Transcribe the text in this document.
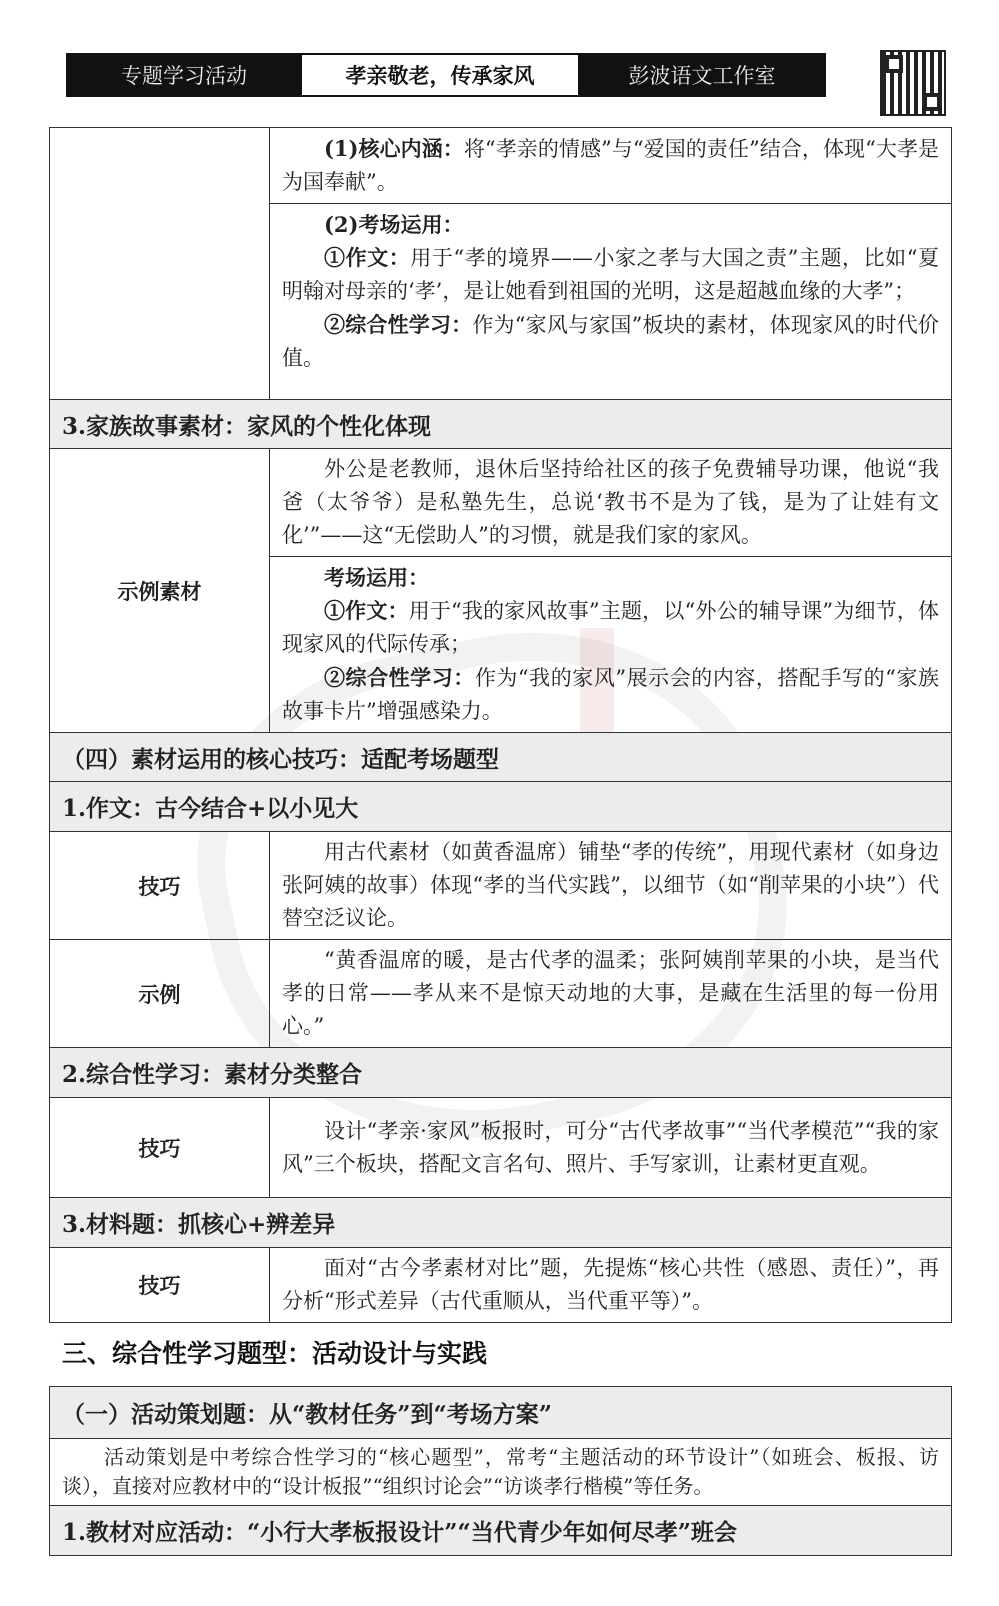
专题学习活动	孝亲敬老，传承家风	彭波语文工作室

	(1)核心内涵：将“孝亲的情感”与“爱国的责任”结合，体现“大孝是为国奉献”。

	(2)考场运用：

①作文：用于“孝的境界——小家之孝与大国之责”主题，比如“夏明翰对母亲的‘孝’，是让她看到祖国的光明，这是超越血缘的大孝”；

②综合性学习：作为“家风与家国”板块的素材，体现家风的时代价值。

3.家族故事素材：家风的个性化体现	
示例素材	外公是老教师，退休后坚持给社区的孩子免费辅导功课，他说“我爸（太爷爷）是私塾先生，总说‘教书不是为了钱，是为了让娃有文化’”——这“无偿助人”的习惯，就是我们家的家风。

	考场运用：

①作文：用于“我的家风故事”主题，以“外公的辅导课”为细节，体现家风的代际传承；

②综合性学习：作为“我的家风”展示会的内容，搭配手写的“家族故事卡片”增强感染力。

（四）素材运用的核心技巧：适配考场题型	
1.作文：古今结合+以小见大	
技巧	用古代素材（如黄香温席）铺垫“孝的传统”，用现代素材（如身边张阿姨的故事）体现“孝的当代实践”，以细节（如“削苹果的小块”）代替空泛议论。

示例	“黄香温席的暖，是古代孝的温柔；张阿姨削苹果的小块，是当代孝的日常——孝从来不是惊天动地的大事，是藏在生活里的每一份用心。”

2.综合性学习：素材分类整合	
技巧	设计“孝亲·家风”板报时，可分“古代孝故事”“当代孝模范”“我的家风”三个板块，搭配文言名句、照片、手写家训，让素材更直观。

3.材料题：抓核心+辨差异	
技巧	面对“古今孝素材对比”题，先提炼“核心共性（感恩、责任）”，再分析“形式差异（古代重顺从，当代重平等）”。

三、综合性学习题型：活动设计与实践
（一）活动策划题：从“教材任务”到“考场方案”

活动策划是中考综合性学习的“核心题型”，常考“主题活动的环节设计”（如班会、板报、访谈），直接对应教材中的“设计板报”“组织讨论会”“访谈孝行楷模”等任务。

1.教材对应活动：“小行大孝板报设计”“当代青少年如何尽孝”班会
